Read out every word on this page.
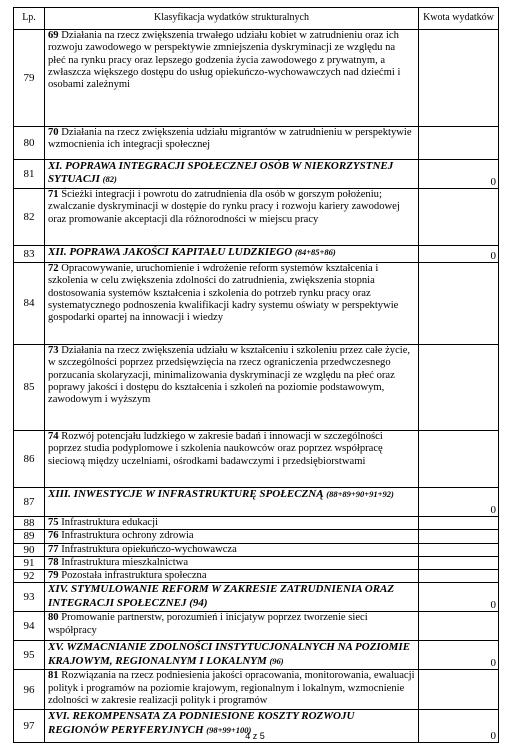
Lp.	Klasyfikacja wydatków strukturalnych	Kwota wydatków
79	69 Działania na rzecz zwiększenia trwałego udziału kobiet w zatrudnieniu oraz ich rozwoju zawodowego w perspektywie zmniejszenia dyskryminacji ze względu na płeć na rynku pracy oraz lepszego godzenia życia zawodowego z prywatnym, a zwłaszcza większego dostępu do usług opiekuńczo-wychowawczych nad dziećmi i osobami zależnymi	
80	70 Działania na rzecz zwiększenia udziału migrantów w zatrudnieniu w perspektywie wzmocnienia ich integracji społecznej	
81	XI. POPRAWA INTEGRACJI SPOŁECZNEJ OSÓB W NIEKORZYSTNEJ SYTUACJI (82)	0
82	71 Ścieżki integracji i powrotu do zatrudnienia dla osób w gorszym położeniu; zwalczanie dyskryminacji w dostępie do rynku pracy i rozwoju kariery zawodowej oraz promowanie akceptacji dla różnorodności w miejscu pracy	
83	XII. POPRAWA JAKOŚCI KAPITAŁU LUDZKIEGO (84+85+86)	0
84	72 Opracowywanie, uruchomienie i wdrożenie reform systemów kształcenia i szkolenia w celu zwiększenia zdolności do zatrudnienia, zwiększenia stopnia dostosowania systemów kształcenia i szkolenia do potrzeb rynku pracy oraz systematycznego podnoszenia kwalifikacji kadry systemu oświaty w perspektywie gospodarki opartej na innowacji i wiedzy	
85	73 Działania na rzecz zwiększenia udziału w kształceniu i szkoleniu przez całe życie, w szczególności poprzez przedsięwzięcia na rzecz ograniczenia przedwczesnego porzucania skolaryzacji, minimalizowania dyskryminacji ze względu na płeć oraz poprawy jakości i dostępu do kształcenia i szkoleń na poziomie podstawowym, zawodowym i wyższym	
86	74 Rozwój potencjału ludzkiego w zakresie badań i innowacji w szczególności poprzez studia podyplomowe i szkolenia naukowców oraz poprzez współpracę sieciową między uczelniami, ośrodkami badawczymi i przedsiębiorstwami	
87	XIII. INWESTYCJE W INFRASTRUKTURĘ SPOŁECZNĄ (88+89+90+91+92)	0
88	75 Infrastruktura edukacji	
89	76 Infrastruktura ochrony zdrowia	
90	77 Infrastruktura opiekuńczo-wychowawcza	
91	78 Infrastruktura mieszkalnictwa	
92	79 Pozostała infrastruktura społeczna	
93	XIV. STYMULOWANIE REFORM W ZAKRESIE ZATRUDNIENIA ORAZ INTEGRACJI SPOŁECZNEJ (94)	0
94	80 Promowanie partnerstw, porozumień i inicjatyw poprzez tworzenie sieci współpracy	
95	XV. WZMACNIANIE ZDOLNOŚCI INSTYTUCJONALNYCH NA POZIOMIE KRAJOWYM, REGIONALNYM I LOKALNYM (96)	0
96	81 Rozwiązania na rzecz podniesienia jakości opracowania, monitorowania, ewaluacji polityk i programów na poziomie krajowym, regionalnym i lokalnym, wzmocnienie zdolności w zakresie realizacji polityk i programów	
97	XVI. REKOMPENSATA ZA PODNIESIONE KOSZTY ROZWOJU REGIONÓW PERYFERYJNYCH (98+99+100)	0
4 z 5
